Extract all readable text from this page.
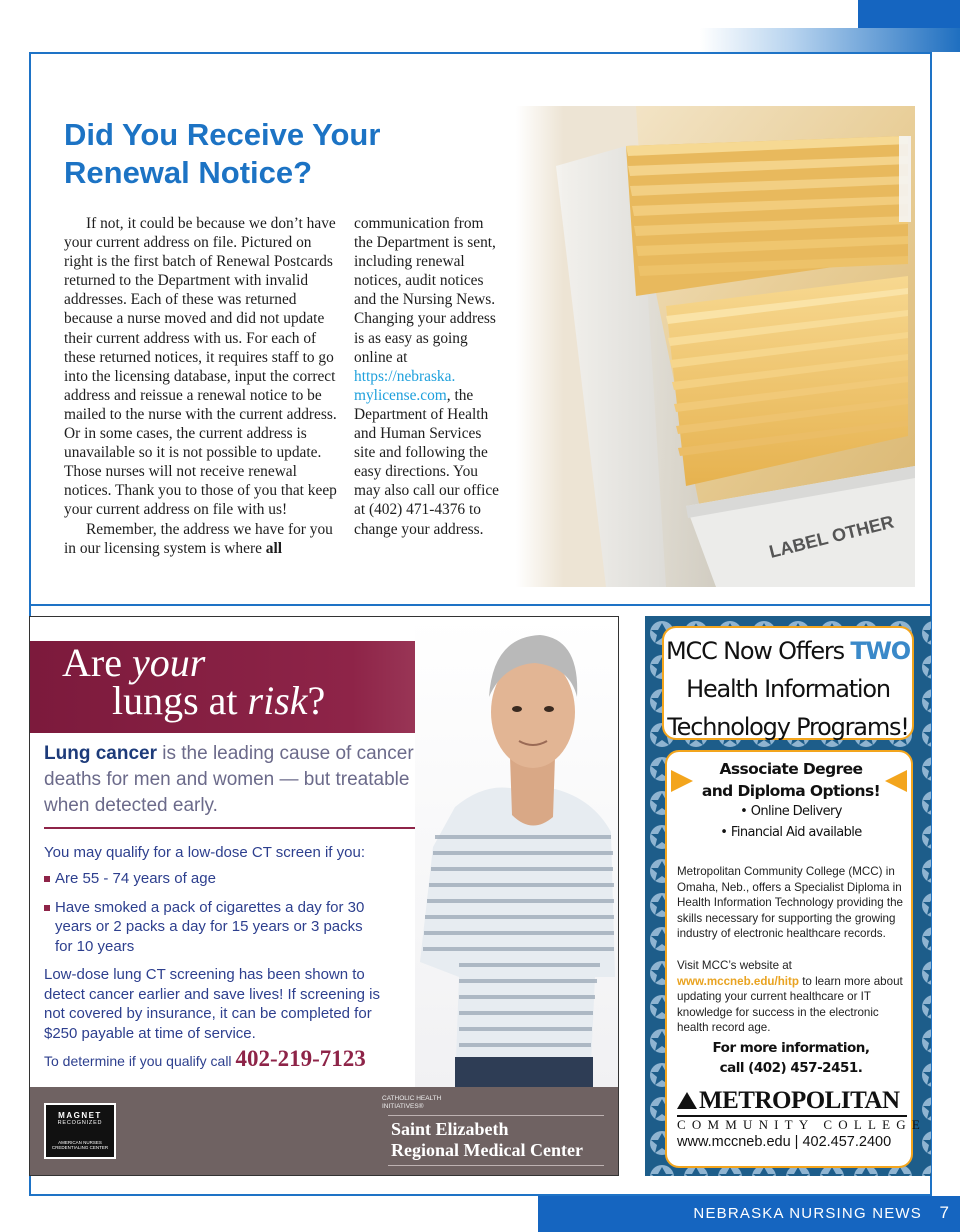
Did You Receive Your
Renewal Notice?

If not, it could be because we don’t have your current address on file. Pictured on right is the first batch of Renewal Postcards returned to the Department with invalid addresses. Each of these was returned because a nurse moved and did not update their current address with us. For each of these returned notices, it requires staff to go into the licensing database, input the correct address and reissue a renewal notice to be mailed to the nurse with the current address. Or in some cases, the current address is unavailable so it is not possible to update. Those nurses will not receive renewal notices. Thank you to those of you that keep your current address on file with us!

Remember, the address we have for you in our licensing system is where all

communication from the Department is sent, including renewal notices, audit notices and the Nursing News. Changing your address is as easy as going online at https://nebraska. mylicense.com, the Department of Health and Human Services site and following the easy directions. You may also call our office at (402) 471-4376 to change your address.

Are your
lungs at risk?
Lung cancer is the leading cause of cancer deaths for men and women — but treatable when detected early.
You may qualify for a low-dose CT screen if you:
Are 55 - 74 years of age
Have smoked a pack of cigarettes a day for 30 years or 2 packs a day for 15 years or 3 packs for 10 years
Low-dose lung CT screening has been shown to detect cancer earlier and save lives! If screening is not covered by insurance, it can be completed for $250 payable at time of service.
To determine if you qualify call 402-219-7123
MAGNET
RECOGNIZED
AMERICAN NURSES CREDENTIALING CENTER
CATHOLIC HEALTH INITIATIVES®
Saint Elizabeth
Regional Medical Center
MCC Now Offers TWO
Health Information
Technology Programs!
Associate Degree
and Diploma Options!
• Online Delivery
• Financial Aid available
Metropolitan Community College (MCC) in Omaha, Neb., offers a Specialist Diploma in Health Information Technology providing the skills necessary for supporting the growing industry of electronic healthcare records.
Visit MCC’s website at www.mccneb.edu/hitp to learn more about updating your current healthcare or IT knowledge for success in the electronic health record age.
For more information,
call (402) 457-2451.
METROPOLITAN
COMMUNITY COLLEGE
www.mccneb.edu | 402.457.2400
NEBRASKA NURSING NEWS 7
